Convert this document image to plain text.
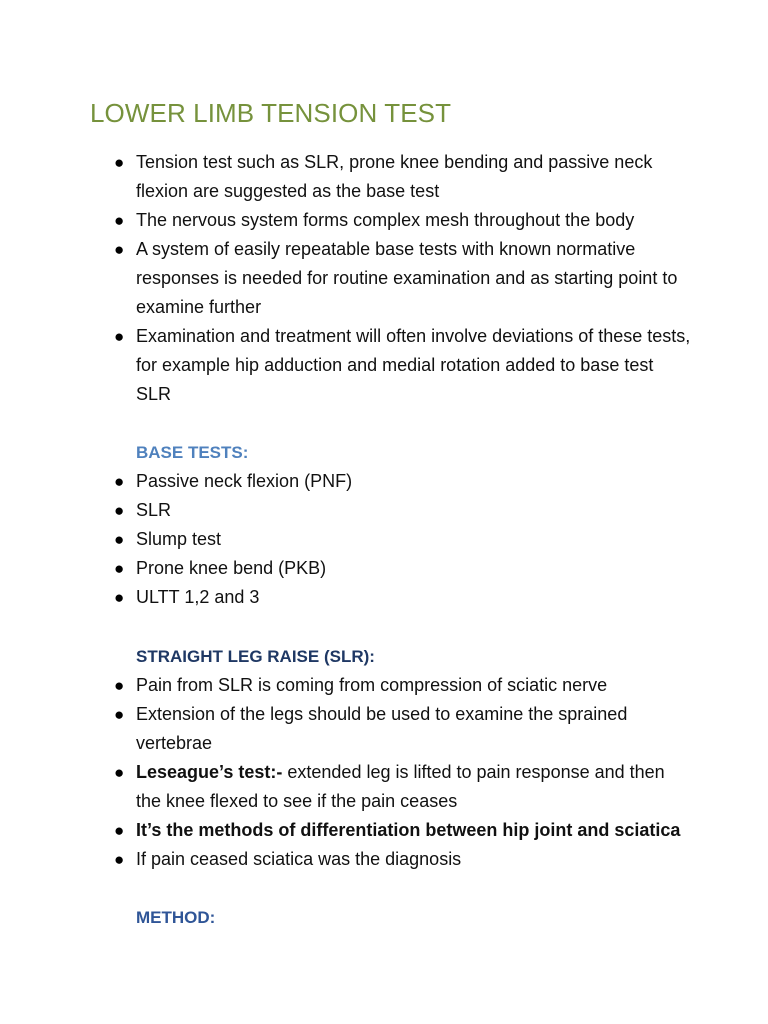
LOWER LIMB TENSION TEST
● Tension test such as SLR, prone knee bending and passive neck flexion are suggested as the base test
● The nervous system forms complex mesh throughout the body
● A system of easily repeatable base tests with known normative responses is needed for routine examination and as starting point to examine further
● Examination and treatment will often involve deviations of these tests, for example hip adduction and medial rotation added to base test SLR
BASE TESTS:
● Passive neck flexion (PNF)
● SLR
● Slump test
● Prone knee bend (PKB)
● ULTT 1,2 and 3
STRAIGHT LEG RAISE (SLR):
● Pain from SLR is coming from compression of sciatic nerve
● Extension of the legs should be used to examine the sprained vertebrae
● Leseague’s test:- extended leg is lifted to pain response and then the knee flexed to see if the pain ceases
● It’s the methods of differentiation between hip joint and sciatica
● If pain ceased sciatica was the diagnosis
METHOD:
